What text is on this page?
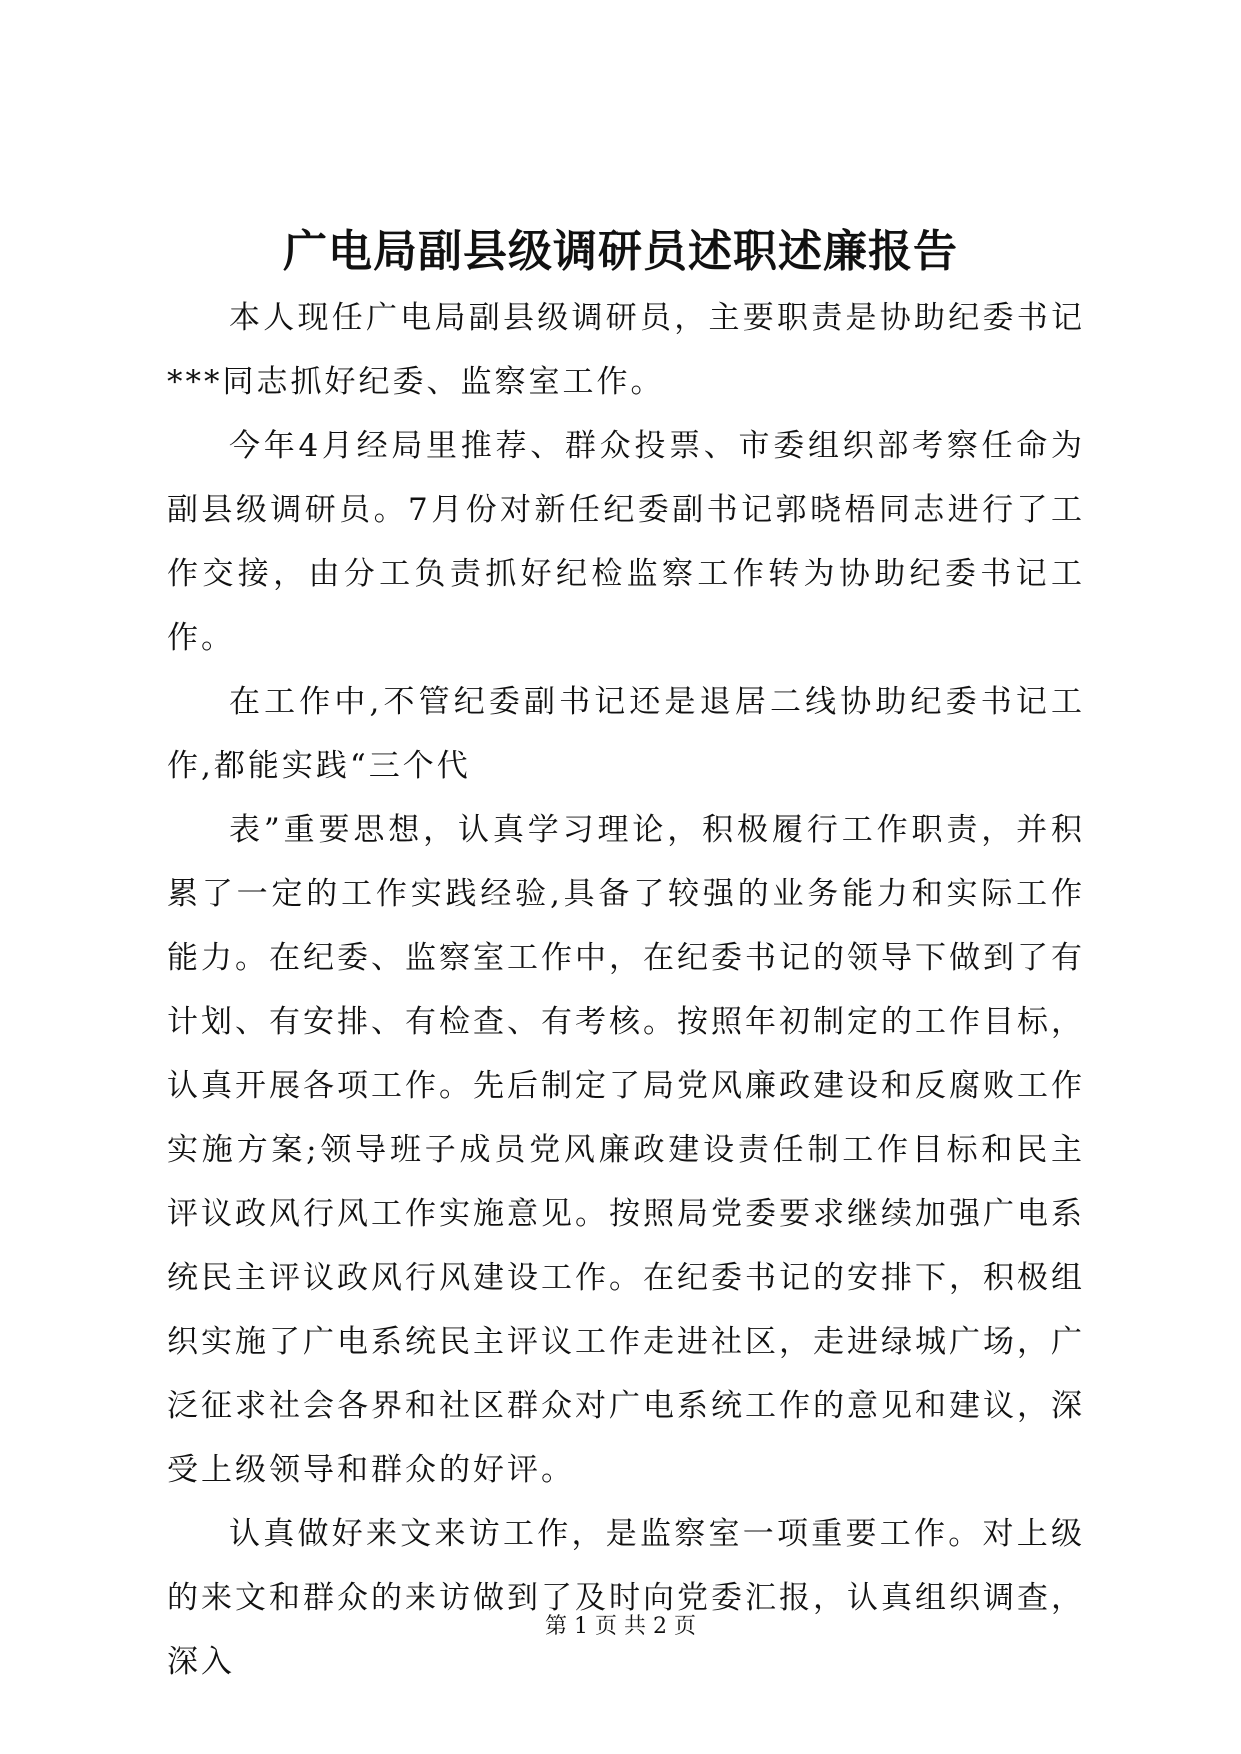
广电局副县级调研员述职述廉报告

本人现任广电局副县级调研员，主要职责是协助纪委书记***同志抓好纪委、监察室工作。

今年4月经局里推荐、群众投票、市委组织部考察任命为副县级调研员。7月份对新任纪委副书记郭晓梧同志进行了工作交接，由分工负责抓好纪检监察工作转为协助纪委书记工作。

在工作中,不管纪委副书记还是退居二线协助纪委书记工作,都能实践“三个代

表”重要思想，认真学习理论，积极履行工作职责，并积累了一定的工作实践经验,具备了较强的业务能力和实际工作能力。在纪委、监察室工作中，在纪委书记的领导下做到了有计划、有安排、有检查、有考核。按照年初制定的工作目标，认真开展各项工作。先后制定了局党风廉政建设和反腐败工作实施方案;领导班子成员党风廉政建设责任制工作目标和民主评议政风行风工作实施意见。按照局党委要求继续加强广电系统民主评议政风行风建设工作。在纪委书记的安排下，积极组织实施了广电系统民主评议工作走进社区，走进绿城广场，广泛征求社会各界和社区群众对广电系统工作的意见和建议，深受上级领导和群众的好评。

认真做好来文来访工作，是监察室一项重要工作。对上级的来文和群众的来访做到了及时向党委汇报，认真组织调查，深入

第 1 页 共 2 页
